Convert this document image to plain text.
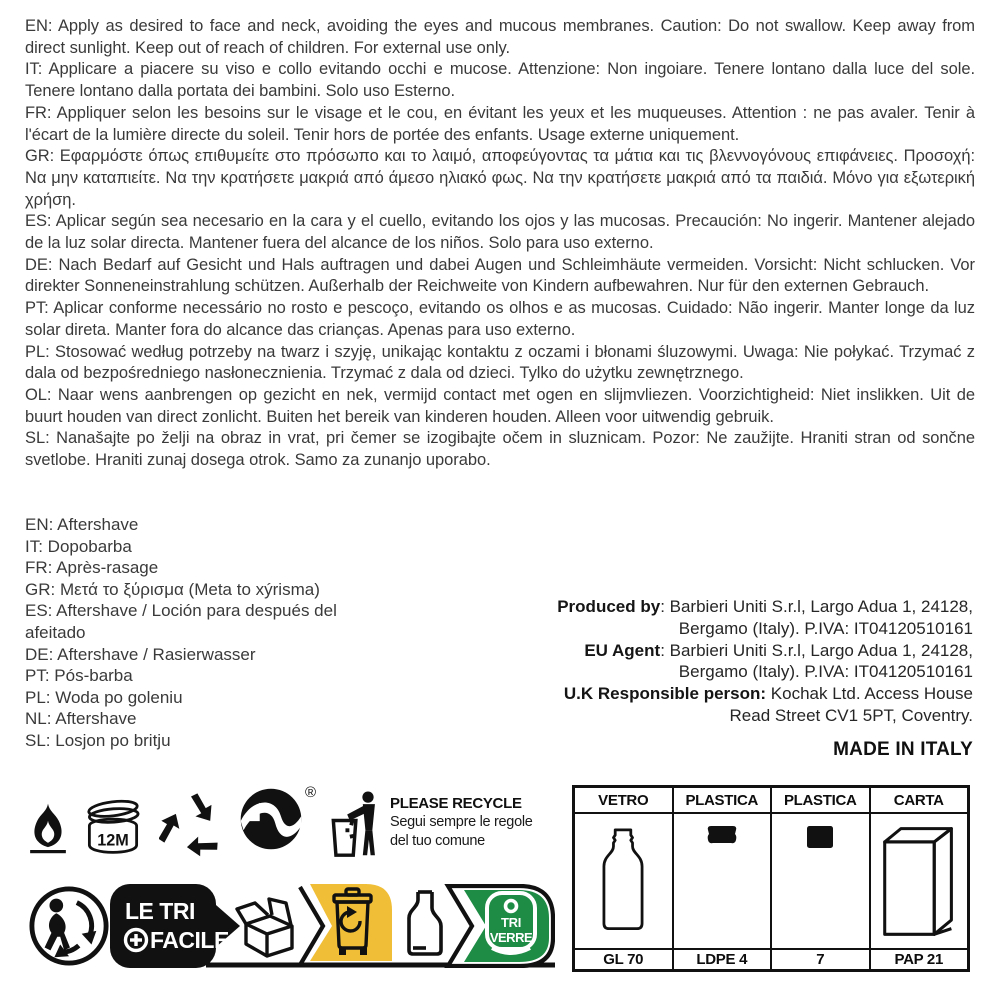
EN: Apply as desired to face and neck, avoiding the eyes and mucous membranes. Caution: Do not swallow. Keep away from direct sunlight. Keep out of reach of children. For external use only.

IT: Applicare a piacere su viso e collo evitando occhi e mucose. Attenzione: Non ingoiare. Tenere lontano dalla luce del sole. Tenere lontano dalla portata dei bambini. Solo uso Esterno.

FR: Appliquer selon les besoins sur le visage et le cou, en évitant les yeux et les muqueuses. Attention : ne pas avaler. Tenir à l'écart de la lumière directe du soleil. Tenir hors de portée des enfants. Usage externe uniquement.

GR: Εφαρμόστε όπως επιθυμείτε στο πρόσωπο και το λαιμό, αποφεύγοντας τα μάτια και τις βλεννογόνους επιφάνειες. Προσοχή: Να μην καταπιείτε. Να την κρατήσετε μακριά από άμεσο ηλιακό φως. Να την κρατήσετε μακριά από τα παιδιά. Μόνο για εξωτερική χρήση.

ES: Aplicar según sea necesario en la cara y el cuello, evitando los ojos y las mucosas. Precaución: No ingerir. Mantener alejado de la luz solar directa. Mantener fuera del alcance de los niños. Solo para uso externo.

DE: Nach Bedarf auf Gesicht und Hals auftragen und dabei Augen und Schleimhäute vermeiden. Vorsicht: Nicht schlucken. Vor direkter Sonneneinstrahlung schützen. Außerhalb der Reichweite von Kindern aufbewahren. Nur für den externen Gebrauch.

PT: Aplicar conforme necessário no rosto e pescoço, evitando os olhos e as mucosas. Cuidado: Não ingerir. Manter longe da luz solar direta. Manter fora do alcance das crianças. Apenas para uso externo.

PL: Stosować według potrzeby na twarz i szyję, unikając kontaktu z oczami i błonami śluzowymi. Uwaga: Nie połykać. Trzymać z dala od bezpośredniego nasłonecznienia. Trzymać z dala od dzieci. Tylko do użytku zewnętrznego.

OL: Naar wens aanbrengen op gezicht en nek, vermijd contact met ogen en slijmvliezen. Voorzichtigheid: Niet inslikken. Uit de buurt houden van direct zonlicht. Buiten het bereik van kinderen houden. Alleen voor uitwendig gebruik.

SL: Nanašajte po želji na obraz in vrat, pri čemer se izogibajte očem in sluznicam. Pozor: Ne zaužijte. Hraniti stran od sončne svetlobe. Hraniti zunaj dosega otrok. Samo za zunanjo uporabo.

EN: Aftershave

IT: Dopobarba

FR: Après-rasage

GR: Μετά το ξύρισμα (Meta to xýrisma)

ES: Aftershave / Loción para después del afeitado

DE: Aftershave / Rasierwasser

PT: Pós-barba

PL: Woda po goleniu

NL: Aftershave

SL: Losjon po britju

Produced by: Barbieri Uniti S.r.l, Largo Adua 1, 24128,
Bergamo (Italy). P.IVA: IT04120510161
EU Agent: Barbieri Uniti S.r.l, Largo Adua 1, 24128,
Bergamo (Italy). P.IVA: IT04120510161
U.K Responsible person: Kochak Ltd. Access House
Read Street CV1 5PT, Coventry.
MADE IN ITALY
12M
®
PLEASE RECYCLE
Segui sempre le regole
del tuo comune
LE TRI
FACILE
TRI
VERRE
VETRO PLASTICA PLASTICA CARTA
GL 70	LDPE 4	7	PAP 21
